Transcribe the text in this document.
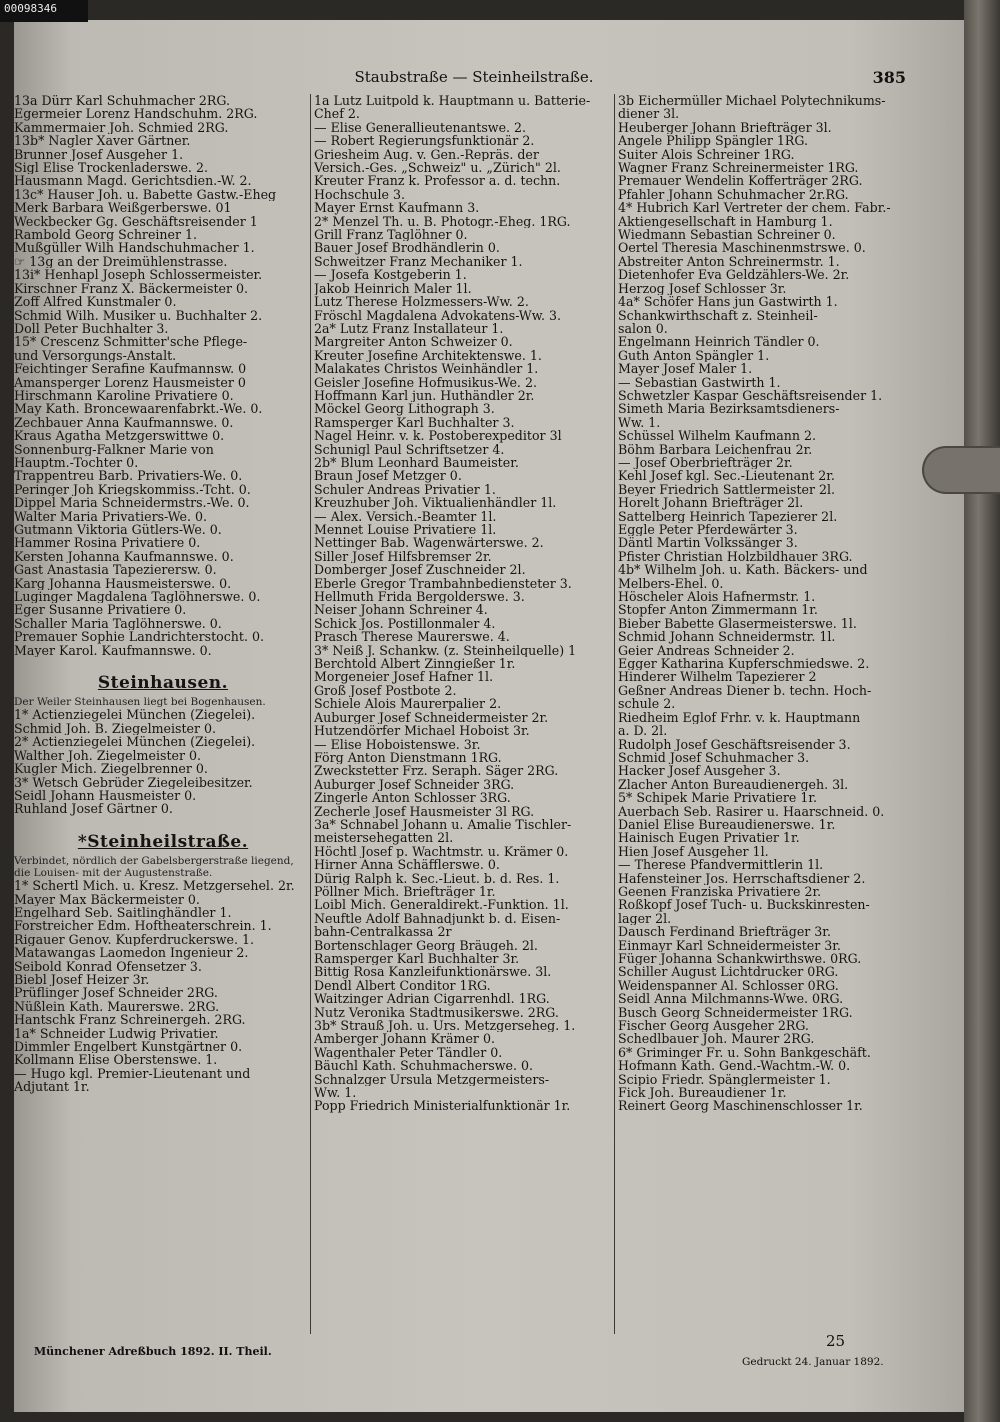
00098346
Staubstraße — Steinheilstraße.	385
13a Dürr Karl Schuhmacher 2RG.
Egermeier Lorenz Handschuhm. 2RG.
Kammermaier Joh. Schmied 2RG.
13b* Nagler Xaver Gärtner.
Brunner Josef Ausgeher 1.
Sigl Elise Trockenladerswe. 2.
Hausmann Magd. Gerichtsdien.-W. 2.
13c* Hauser Joh. u. Babette Gastw.-Eheg
Merk Barbara Weißgerberswe. 01
Weckbecker Gg. Geschäftsreisender 1
Rambold Georg Schreiner 1.
Mußgüller Wilh Handschuhmacher 1.
☞ 13g an der Dreimühlenstrasse.
13i* Henhapl Joseph Schlossermeister.
Kirschner Franz X. Bäckermeister 0.
Zoff Alfred Kunstmaler 0.
Schmid Wilh. Musiker u. Buchhalter 2.
Doll Peter Buchhalter 3.
15* Crescenz Schmitter'sche Pflege-
und Versorgungs-Anstalt.
Feichtinger Serafine Kaufmannsw. 0
Amansperger Lorenz Hausmeister 0
Hirschmann Karoline Privatiere 0.
May Kath. Broncewaarenfabrkt.-We. 0.
Zechbauer Anna Kaufmannswe. 0.
Kraus Agatha Metzgerswittwe 0.
Sonnenburg-Falkner Marie von
Hauptm.-Tochter 0.
Trappentreu Barb. Privatiers-We. 0.
Peringer Joh Kriegskommiss.-Tcht. 0.
Dippel Maria Schneidermstrs.-We. 0.
Walter Maria Privatiers-We. 0.
Gutmann Viktoria Gütlers-We. 0.
Hammer Rosina Privatiere 0.
Kersten Johanna Kaufmannswe. 0.
Gast Anastasia Tapezierersw. 0.
Karg Johanna Hausmeisterswe. 0.
Luginger Magdalena Taglöhnerswe. 0.
Eger Susanne Privatiere 0.
Schaller Maria Taglöhnerswe. 0.
Premauer Sophie Landrichterstocht. 0.
Mayer Karol. Kaufmannswe. 0.
Steinhausen.
Der Weiler Steinhausen liegt bei Bogenhausen.
1* Actienziegelei München (Ziegelei).
Schmid Joh. B. Ziegelmeister 0.
2* Actienziegelei München (Ziegelei).
Walther Joh. Ziegelmeister 0.
Kugler Mich. Ziegelbrenner 0.
3* Wetsch Gebrüder Ziegeleibesitzer.
Seidl Johann Hausmeister 0.
Ruhland Josef Gärtner 0.
*Steinheilstraße.
Verbindet, nördlich der Gabelsbergerstraße liegend, die Louisen- mit der Augustenstraße.
1* Schertl Mich. u. Kresz. Metzgersehel. 2r.
Mayer Max Bäckermeister 0.
Engelhard Seb. Saitlinghändler 1.
Forstreicher Edm. Hoftheaterschrein. 1.
Rigauer Genov. Kupferdruckerswe. 1.
Matawangas Laomedon Ingenieur 2.
Seibold Konrad Ofensetzer 3.
Biebl Josef Heizer 3r.
Prüflinger Josef Schneider 2RG.
Nüßlein Kath. Maurerswe. 2RG.
Hantschk Franz Schreinergeh. 2RG.
1a* Schneider Ludwig Privatier.
Dimmler Engelbert Kunstgärtner 0.
Kollmann Elise Oberstenswe. 1.
— Hugo kgl. Premier-Lieutenant und
Adjutant 1r.
1a Lutz Luitpold k. Hauptmann u. Batterie-
Chef 2.
— Elise Generallieutenantswe. 2.
— Robert Regierungsfunktionär 2.
Griesheim Aug. v. Gen.-Repräs. der
Versich.-Ges. „Schweiz" u. „Zürich" 2l.
Kreuter Franz k. Professor a. d. techn.
Hochschule 3.
Mayer Ernst Kaufmann 3.
2* Menzel Th. u. B. Photogr.-Eheg. 1RG.
Grill Franz Taglöhner 0.
Bauer Josef Brodhändlerin 0.
Schweitzer Franz Mechaniker 1.
— Josefa Kostgeberin 1.
Jakob Heinrich Maler 1l.
Lutz Therese Holzmessers-Ww. 2.
Fröschl Magdalena Advokatens-Ww. 3.
2a* Lutz Franz Installateur 1.
Margreiter Anton Schweizer 0.
Kreuter Josefine Architektenswe. 1.
Malakates Christos Weinhändler 1.
Geisler Josefine Hofmusikus-We. 2.
Hoffmann Karl jun. Huthändler 2r.
Möckel Georg Lithograph 3.
Ramsperger Karl Buchhalter 3.
Nagel Heinr. v. k. Postoberexpeditor 3l
Schunigl Paul Schriftsetzer 4.
2b* Blum Leonhard Baumeister.
Braun Josef Metzger 0.
Schuler Andreas Privatier 1.
Kreuzhuber Joh. Viktualienhändler 1l.
— Alex. Versich.-Beamter 1l.
Mennet Louise Privatiere 1l.
Nettinger Bab. Wagenwärterswe. 2.
Siller Josef Hilfsbremser 2r.
Domberger Josef Zuschneider 2l.
Eberle Gregor Trambahnbediensteter 3.
Hellmuth Frida Bergolderswe. 3.
Neiser Johann Schreiner 4.
Schick Jos. Postillonmaler 4.
Prasch Therese Maurerswe. 4.
3* Neiß J. Schankw. (z. Steinheilquelle) 1
Berchtold Albert Zinngießer 1r.
Morgeneier Josef Hafner 1l.
Groß Josef Postbote 2.
Schiele Alois Maurerpalier 2.
Auburger Josef Schneidermeister 2r.
Hutzendörfer Michael Hoboist 3r.
— Elise Hoboistenswe. 3r.
Förg Anton Dienstmann 1RG.
Zweckstetter Frz. Seraph. Säger 2RG.
Auburger Josef Schneider 3RG.
Zingerle Anton Schlosser 3RG.
Zecherle Josef Hausmeister 3l RG.
3a* Schnabel Johann u. Amalie Tischler-
meistersehegatten 2l.
Höchtl Josef p. Wachtmstr. u. Krämer 0.
Hirner Anna Schäfflerswe. 0.
Dürig Ralph k. Sec.-Lieut. b. d. Res. 1.
Pöllner Mich. Briefträger 1r.
Loibl Mich. Generaldirekt.-Funktion. 1l.
Neuftle Adolf Bahnadjunkt b. d. Eisen-
bahn-Centralkassa 2r
Bortenschlager Georg Bräugeh. 2l.
Ramsperger Karl Buchhalter 3r.
Bittig Rosa Kanzleifunktionärswe. 3l.
Dendl Albert Conditor 1RG.
Waitzinger Adrian Cigarrenhdl. 1RG.
Nutz Veronika Stadtmusikerswe. 2RG.
3b* Strauß Joh. u. Urs. Metzgerseheg. 1.
Amberger Johann Krämer 0.
Wagenthaler Peter Tändler 0.
Bäuchl Kath. Schuhmacherswe. 0.
Schnalzger Ursula Metzgermeisters-
Ww. 1.
Popp Friedrich Ministerialfunktionär 1r.
3b Eichermüller Michael Polytechnikums-
diener 3l.
Heuberger Johann Briefträger 3l.
Angele Philipp Spängler 1RG.
Suiter Alois Schreiner 1RG.
Wagner Franz Schreinermeister 1RG.
Premauer Wendelin Kofferträger 2RG.
Pfahler Johann Schuhmacher 2r.RG.
4* Hubrich Karl Vertreter der chem. Fabr.-
Aktiengesellschaft in Hamburg 1.
Wiedmann Sebastian Schreiner 0.
Oertel Theresia Maschinenmstrswe. 0.
Abstreiter Anton Schreinermstr. 1.
Dietenhofer Eva Geldzählers-We. 2r.
Herzog Josef Schlosser 3r.
4a* Schöfer Hans jun Gastwirth 1.
Schankwirthschaft z. Steinheil-
salon 0.
Engelmann Heinrich Tändler 0.
Guth Anton Spängler 1.
Mayer Josef Maler 1.
— Sebastian Gastwirth 1.
Schwetzler Kaspar Geschäftsreisender 1.
Simeth Maria Bezirksamtsdieners-
Ww. 1.
Schüssel Wilhelm Kaufmann 2.
Böhm Barbara Leichenfrau 2r.
— Josef Oberbriefträger 2r.
Kehl Josef kgl. Sec.-Lieutenant 2r.
Beyer Friedrich Sattlermeister 2l.
Horelt Johann Briefträger 2l.
Sattelberg Heinrich Tapezierer 2l.
Eggle Peter Pferdewärter 3.
Däntl Martin Volkssänger 3.
Pfister Christian Holzbildhauer 3RG.
4b* Wilhelm Joh. u. Kath. Bäckers- und
Melbers-Ehel. 0.
Höscheler Alois Hafnermstr. 1.
Stopfer Anton Zimmermann 1r.
Bieber Babette Glasermeisterswe. 1l.
Schmid Johann Schneidermstr. 1l.
Geier Andreas Schneider 2.
Egger Katharina Kupferschmiedswe. 2.
Hinderer Wilhelm Tapezierer 2
Geßner Andreas Diener b. techn. Hoch-
schule 2.
Riedheim Eglof Frhr. v. k. Hauptmann
a. D. 2l.
Rudolph Josef Geschäftsreisender 3.
Schmid Josef Schuhmacher 3.
Hacker Josef Ausgeher 3.
Zlacher Anton Bureaudienergeh. 3l.
5* Schipek Marie Privatiere 1r.
Auerbach Seb. Rasirer u. Haarschneid. 0.
Daniel Elise Bureaudienerswe. 1r.
Hainisch Eugen Privatier 1r.
Hien Josef Ausgeher 1l.
— Therese Pfandvermittlerin 1l.
Hafensteiner Jos. Herrschaftsdiener 2.
Geenen Franziska Privatiere 2r.
Roßkopf Josef Tuch- u. Buckskinresten-
lager 2l.
Dausch Ferdinand Briefträger 3r.
Einmayr Karl Schneidermeister 3r.
Füger Johanna Schankwirthswe. 0RG.
Schiller August Lichtdrucker 0RG.
Weidenspanner Al. Schlosser 0RG.
Seidl Anna Milchmanns-Wwe. 0RG.
Busch Georg Schneidermeister 1RG.
Fischer Georg Ausgeher 2RG.
Schedlbauer Joh. Maurer 2RG.
6* Griminger Fr. u. Sohn Bankgeschäft.
Hofmann Kath. Gend.-Wachtm.-W. 0.
Scipio Friedr. Spänglermeister 1.
Fick Joh. Bureaudiener 1r.
Reinert Georg Maschinenschlosser 1r.
Münchener Adreßbuch 1892. II. Theil.
25
Gedruckt 24. Januar 1892.
